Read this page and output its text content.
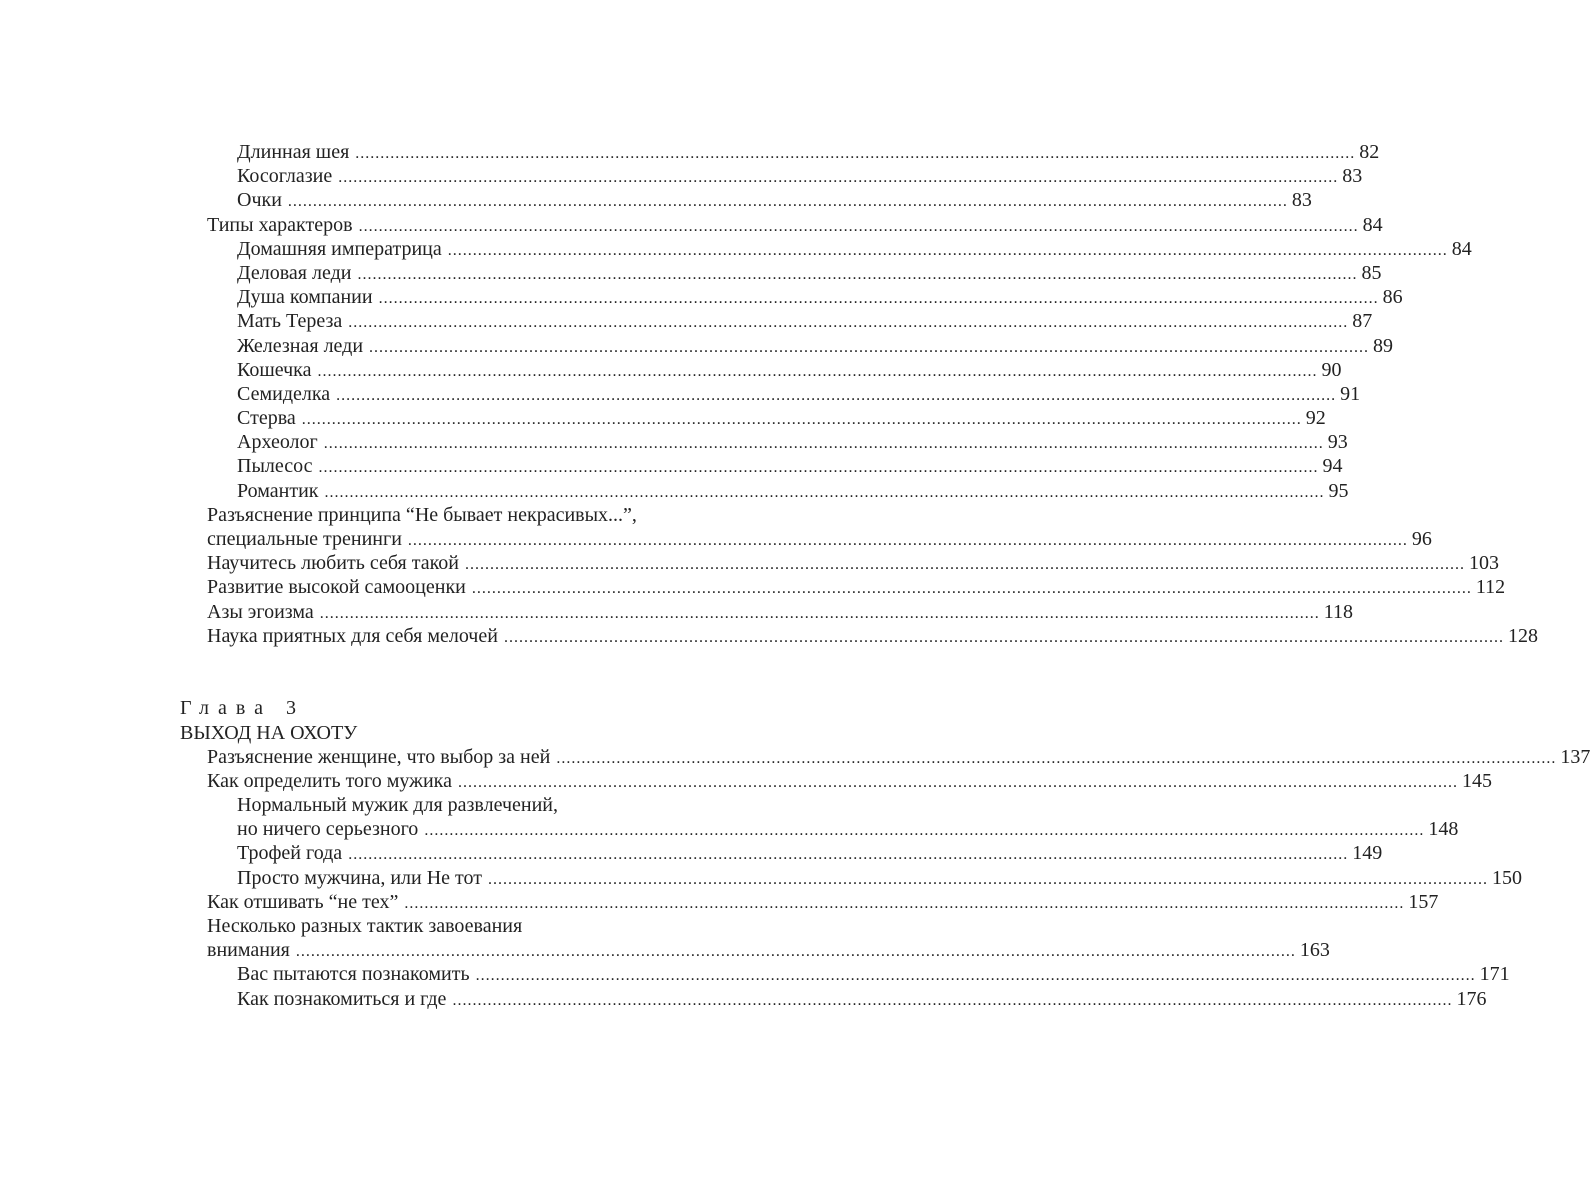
Длинная шея ........................................................................................................................................................................................................ 82
Косоглазие ........................................................................................................................................................................................................ 83
Очки ........................................................................................................................................................................................................ 83
Типы характеров ........................................................................................................................................................................................................ 84
Домашняя императрица ........................................................................................................................................................................................................ 84
Деловая леди ........................................................................................................................................................................................................ 85
Душа компании ........................................................................................................................................................................................................ 86
Мать Тереза ........................................................................................................................................................................................................ 87
Железная леди ........................................................................................................................................................................................................ 89
Кошечка ........................................................................................................................................................................................................ 90
Семиделка ........................................................................................................................................................................................................ 91
Стерва ........................................................................................................................................................................................................ 92
Археолог ........................................................................................................................................................................................................ 93
Пылесос ........................................................................................................................................................................................................ 94
Романтик ........................................................................................................................................................................................................ 95
Разъяснение принципа “Не бывает некрасивых...”,
специальные тренинги ........................................................................................................................................................................................................ 96
Научитесь любить себя такой ........................................................................................................................................................................................................ 103
Развитие высокой самооценки ........................................................................................................................................................................................................ 112
Азы эгоизма ........................................................................................................................................................................................................ 118
Наука приятных для себя мелочей ........................................................................................................................................................................................................ 128
Глава 3
ВЫХОД НА ОХОТУ
Разъяснение женщине, что выбор за ней ........................................................................................................................................................................................................ 137
Как определить того мужика ........................................................................................................................................................................................................ 145
Нормальный мужик для развлечений,
но ничего серьезного ........................................................................................................................................................................................................ 148
Трофей года ........................................................................................................................................................................................................ 149
Просто мужчина, или Не тот ........................................................................................................................................................................................................ 150
Как отшивать “не тех” ........................................................................................................................................................................................................ 157
Несколько разных тактик завоевания
внимания ........................................................................................................................................................................................................ 163
Вас пытаются познакомить ........................................................................................................................................................................................................ 171
Как познакомиться и где ........................................................................................................................................................................................................ 176
